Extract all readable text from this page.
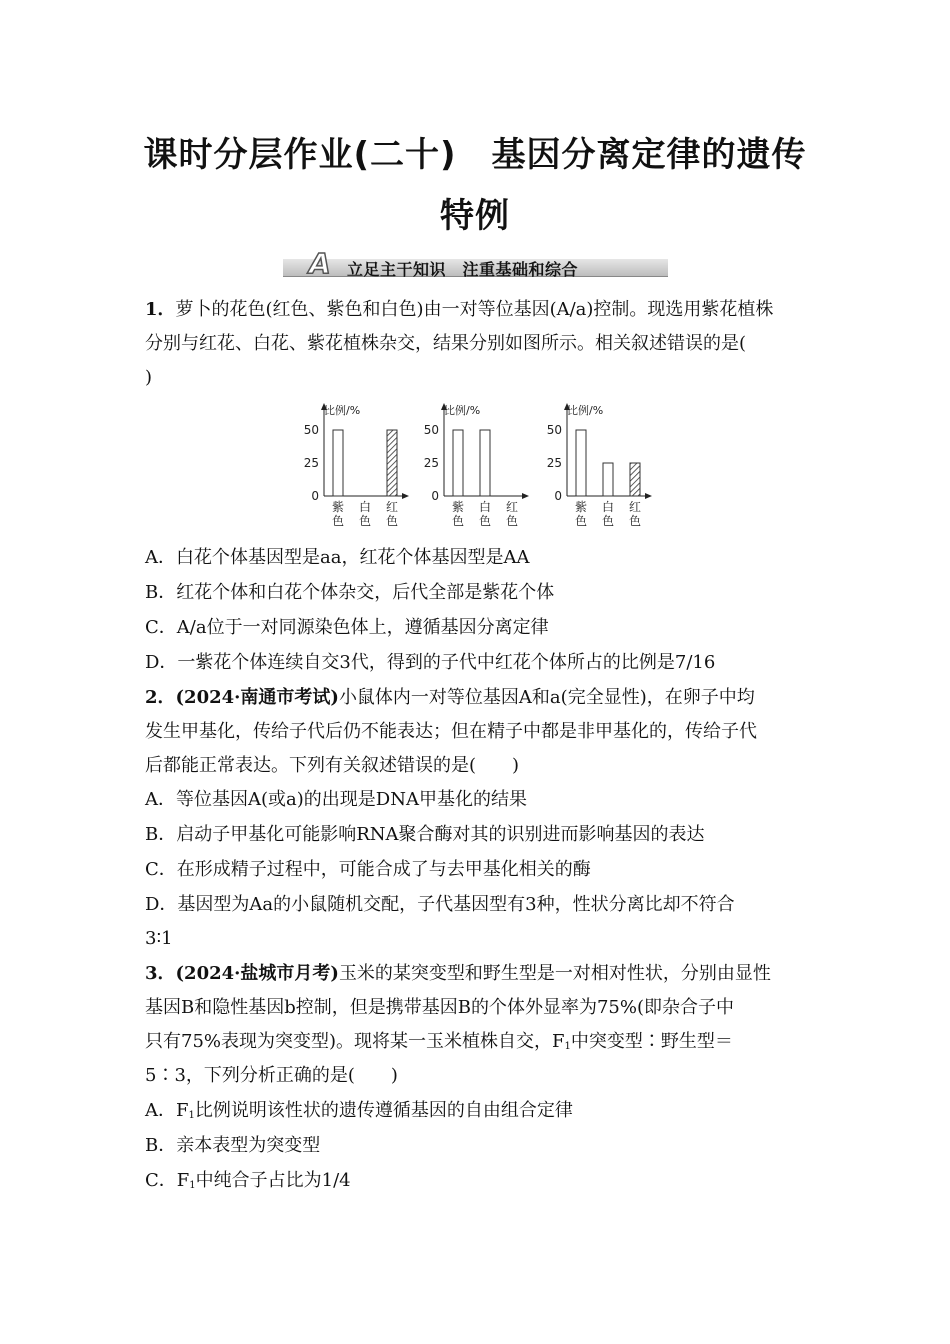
课时分层作业(二十)　基因分离定律的遗传
特例
A 立足主干知识　注重基础和综合
1．萝卜的花色(红色、紫色和白色)由一对等位基因(A/a)控制。现选用紫花植株
分别与红花、白花、紫花植株杂交，结果分别如图所示。相关叙述错误的是(
)
比例/%
50
25
0
紫
色
白
色
红
色
比例/%
50
25
0
紫
色
白
色
红
色
比例/%
50
25
0
紫
色
白
色
红
色
A．白花个体基因型是aa，红花个体基因型是AA
B．红花个体和白花个体杂交，后代全部是紫花个体
C．A/a位于一对同源染色体上，遵循基因分离定律
D．一紫花个体连续自交3代，得到的子代中红花个体所占的比例是7/16
2．(2024·南通市考试)小鼠体内一对等位基因A和a(完全显性)，在卵子中均
发生甲基化，传给子代后仍不能表达；但在精子中都是非甲基化的，传给子代
后都能正常表达。下列有关叙述错误的是(　　)
A．等位基因A(或a)的出现是DNA甲基化的结果
B．启动子甲基化可能影响RNA聚合酶对其的识别进而影响基因的表达
C．在形成精子过程中，可能合成了与去甲基化相关的酶
D．基因型为Aa的小鼠随机交配，子代基因型有3种，性状分离比却不符合
3∶1
3．(2024·盐城市月考)玉米的某突变型和野生型是一对相对性状，分别由显性
基因B和隐性基因b控制，但是携带基因B的个体外显率为75%(即杂合子中
只有75%表现为突变型)。现将某一玉米植株自交，$F_1$中突变型∶野生型＝
5∶3，下列分析正确的是(　　)
A．$F_1$比例说明该性状的遗传遵循基因的自由组合定律
B．亲本表型为突变型
C．$F_1$中纯合子占比为1/4
